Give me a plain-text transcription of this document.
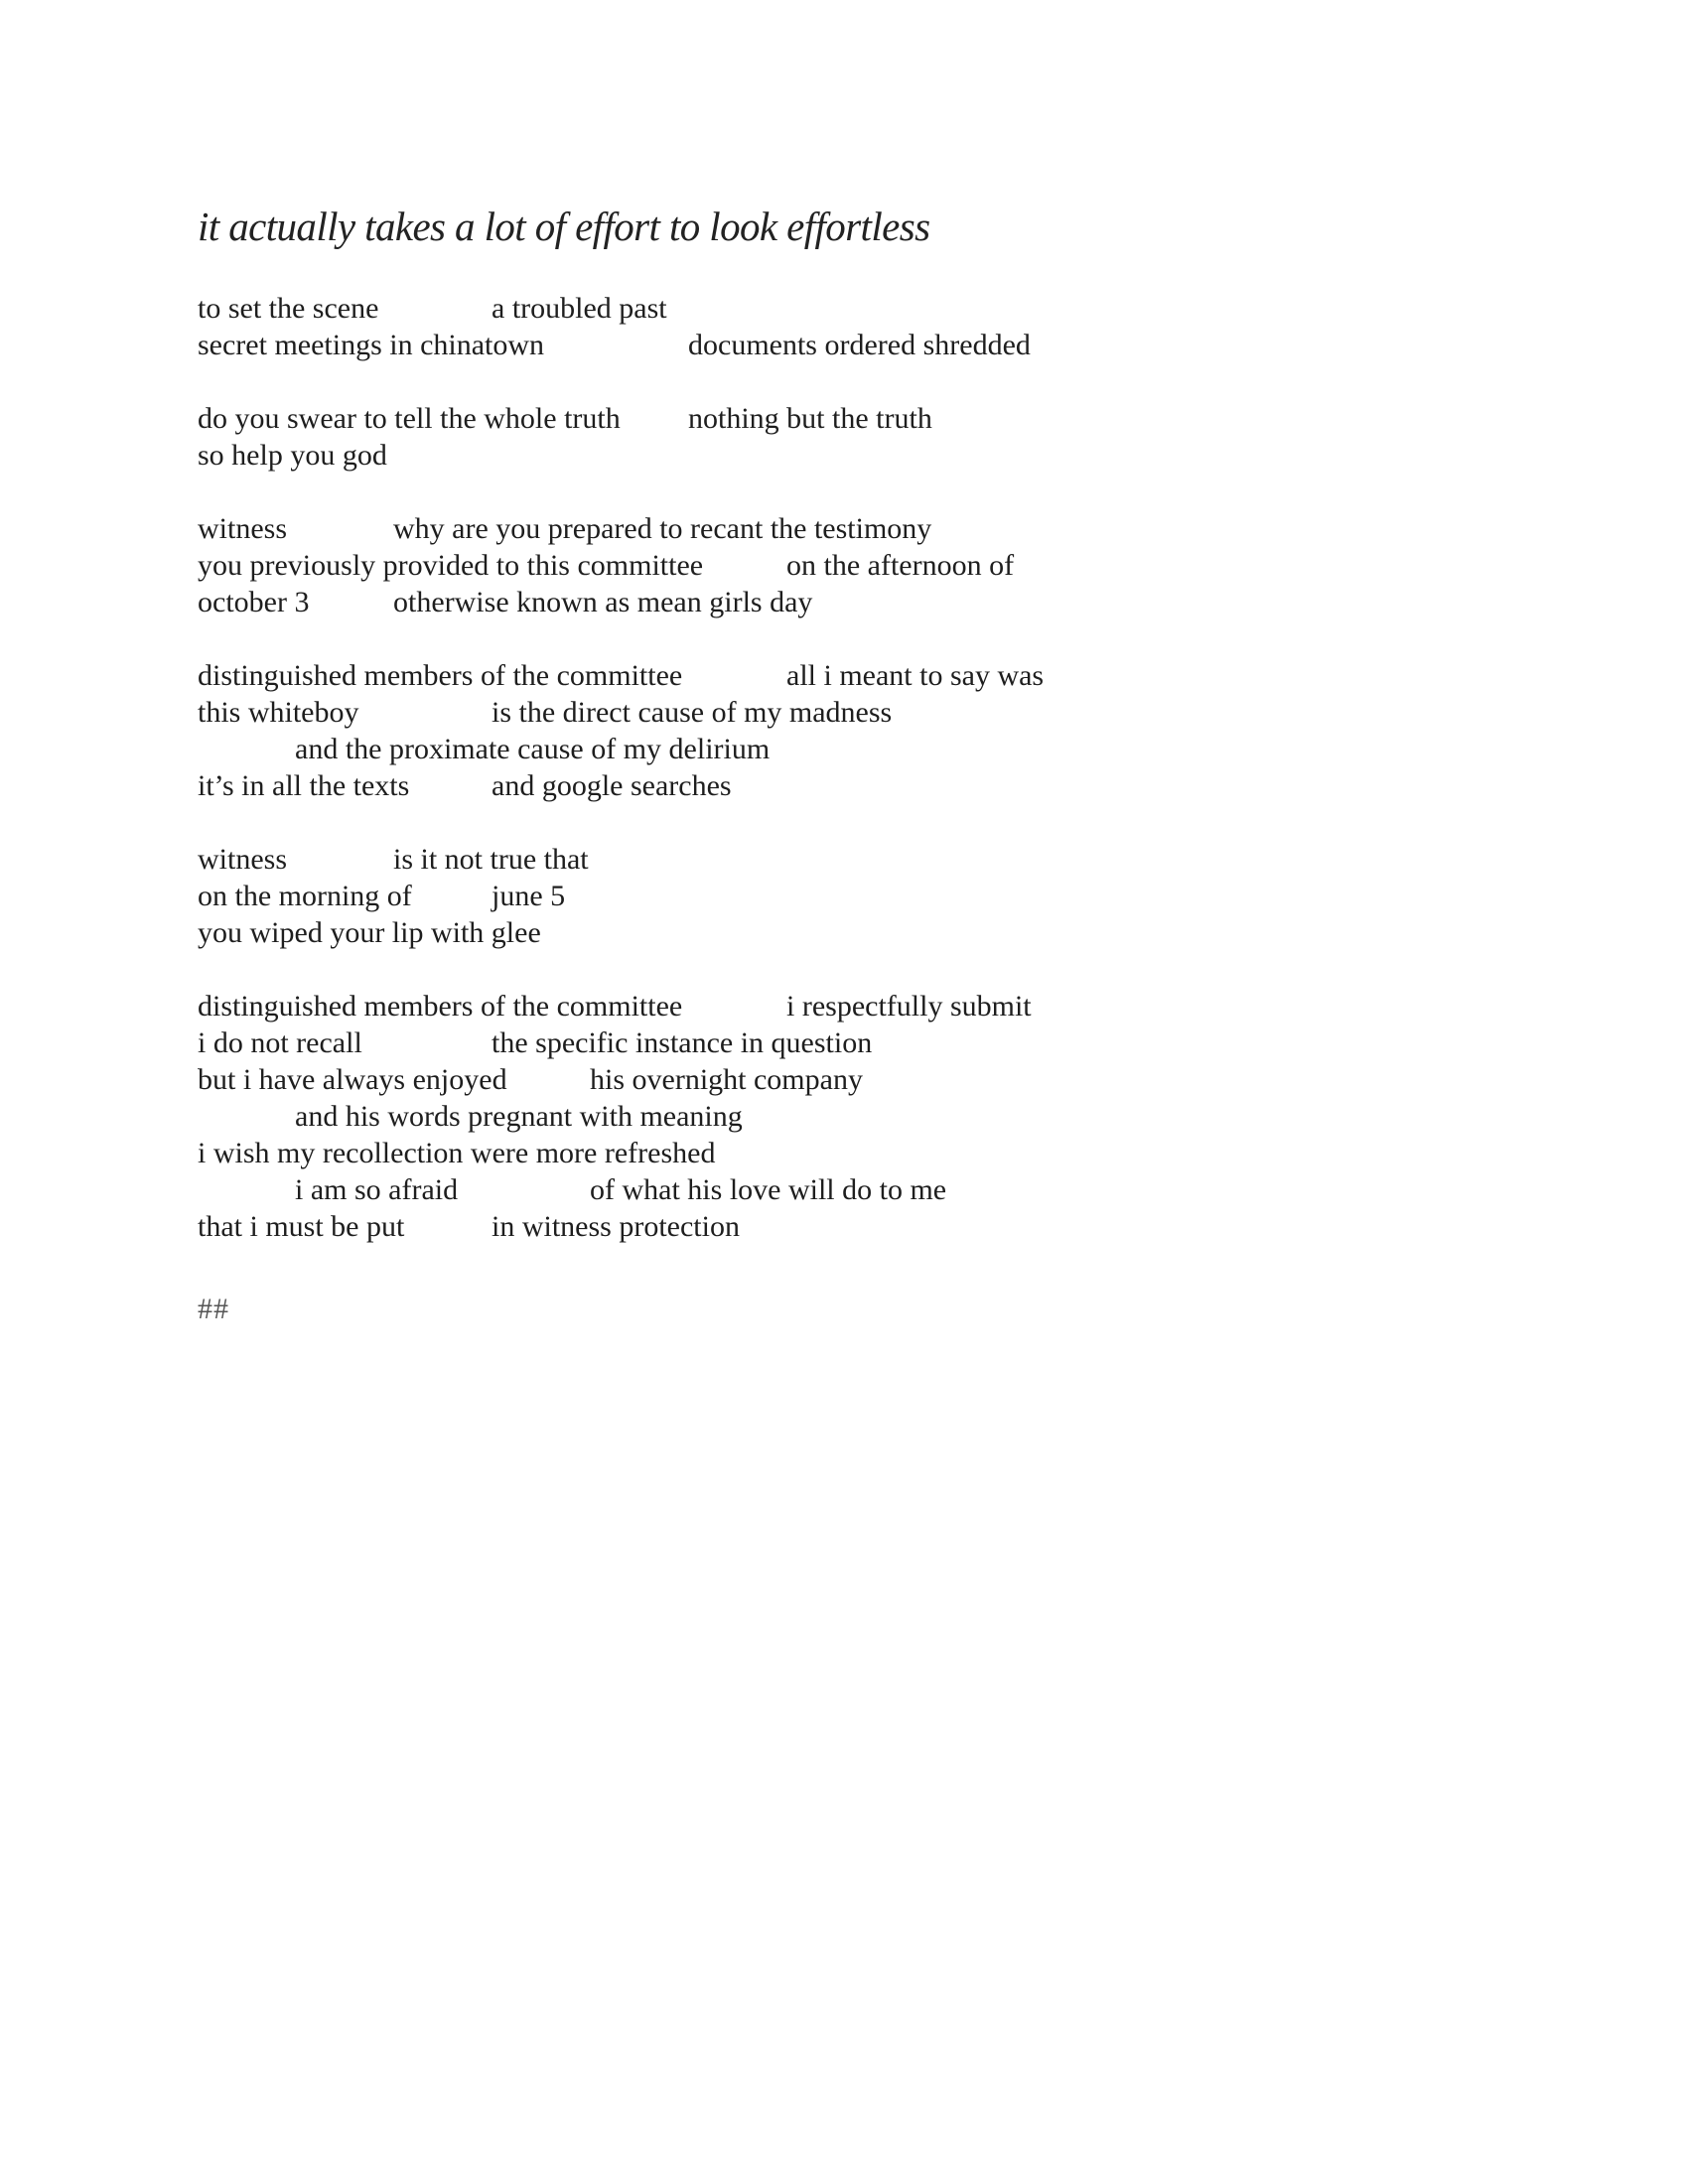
it actually takes a lot of effort to look effortless
to set the scene	a troubled past
secret meetings in chinatown	documents ordered shredded
do you swear to tell the whole truth nothing but the truth
so help you god
witness	why are you prepared to recant the testimony
you previously provided to this committee	on the afternoon of
october 3	otherwise known as mean girls day
distinguished members of the committee	all i meant to say was
this whiteboy	is the direct cause of my madness
and the proximate cause of my delirium
it’s in all the texts	and google searches
witness	is it not true that
on the morning of	june 5
you wiped your lip with glee
distinguished members of the committee	i respectfully submit
i do not recall	the specific instance in question
but i have always enjoyed	his overnight company
and his words pregnant with meaning
i wish my recollection were more refreshed
i am so afraid	of what his love will do to me
that i must be put	in witness protection
##
